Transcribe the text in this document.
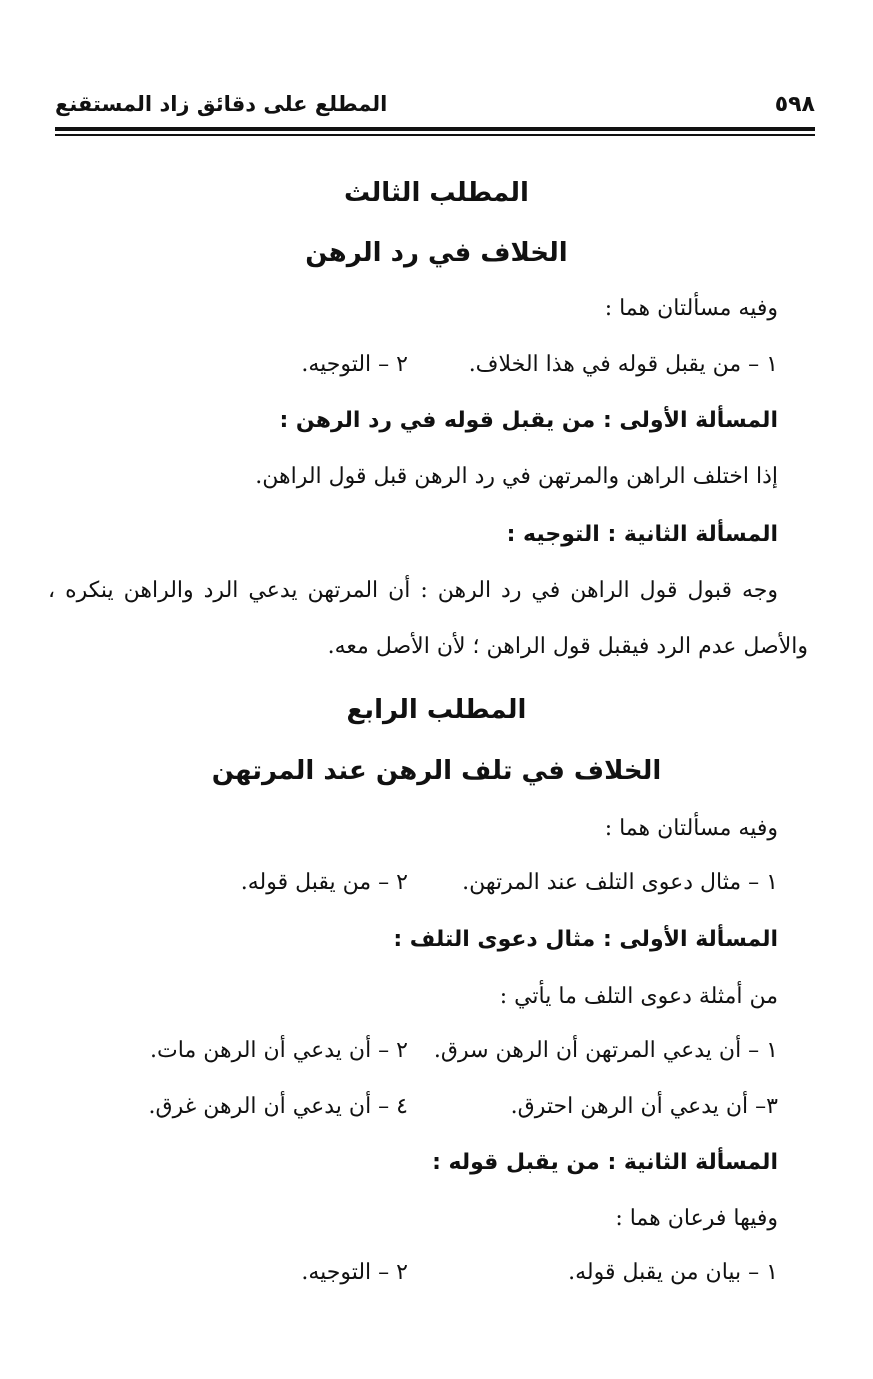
٥٩٨
المطلع على دقائق زاد المستقنع
المطلب الثالث
الخلاف في رد الرهن
وفيه مسألتان هما :
١ – من يقبل قوله في هذا الخلاف.
٢ – التوجيه.
المسألة الأولى : من يقبل قوله في رد الرهن :
إذا اختلف الراهن والمرتهن في رد الرهن قبل قول الراهن.
المسألة الثانية : التوجيه :
وجه قبول قول الراهن في رد الرهن : أن المرتهن يدعي الرد والراهن ينكره ،
والأصل عدم الرد فيقبل قول الراهن ؛ لأن الأصل معه.
المطلب الرابع
الخلاف في تلف الرهن عند المرتهن
وفيه مسألتان هما :
١ – مثال دعوى التلف عند المرتهن.
٢ – من يقبل قوله.
المسألة الأولى : مثال دعوى التلف :
من أمثلة دعوى التلف ما يأتي :
١ – أن يدعي المرتهن أن الرهن سرق.
٢ – أن يدعي أن الرهن مات.
٣– أن يدعي أن الرهن احترق.
٤ – أن يدعي أن الرهن غرق.
المسألة الثانية : من يقبل قوله :
وفيها فرعان هما :
١ – بيان من يقبل قوله.
٢ – التوجيه.
